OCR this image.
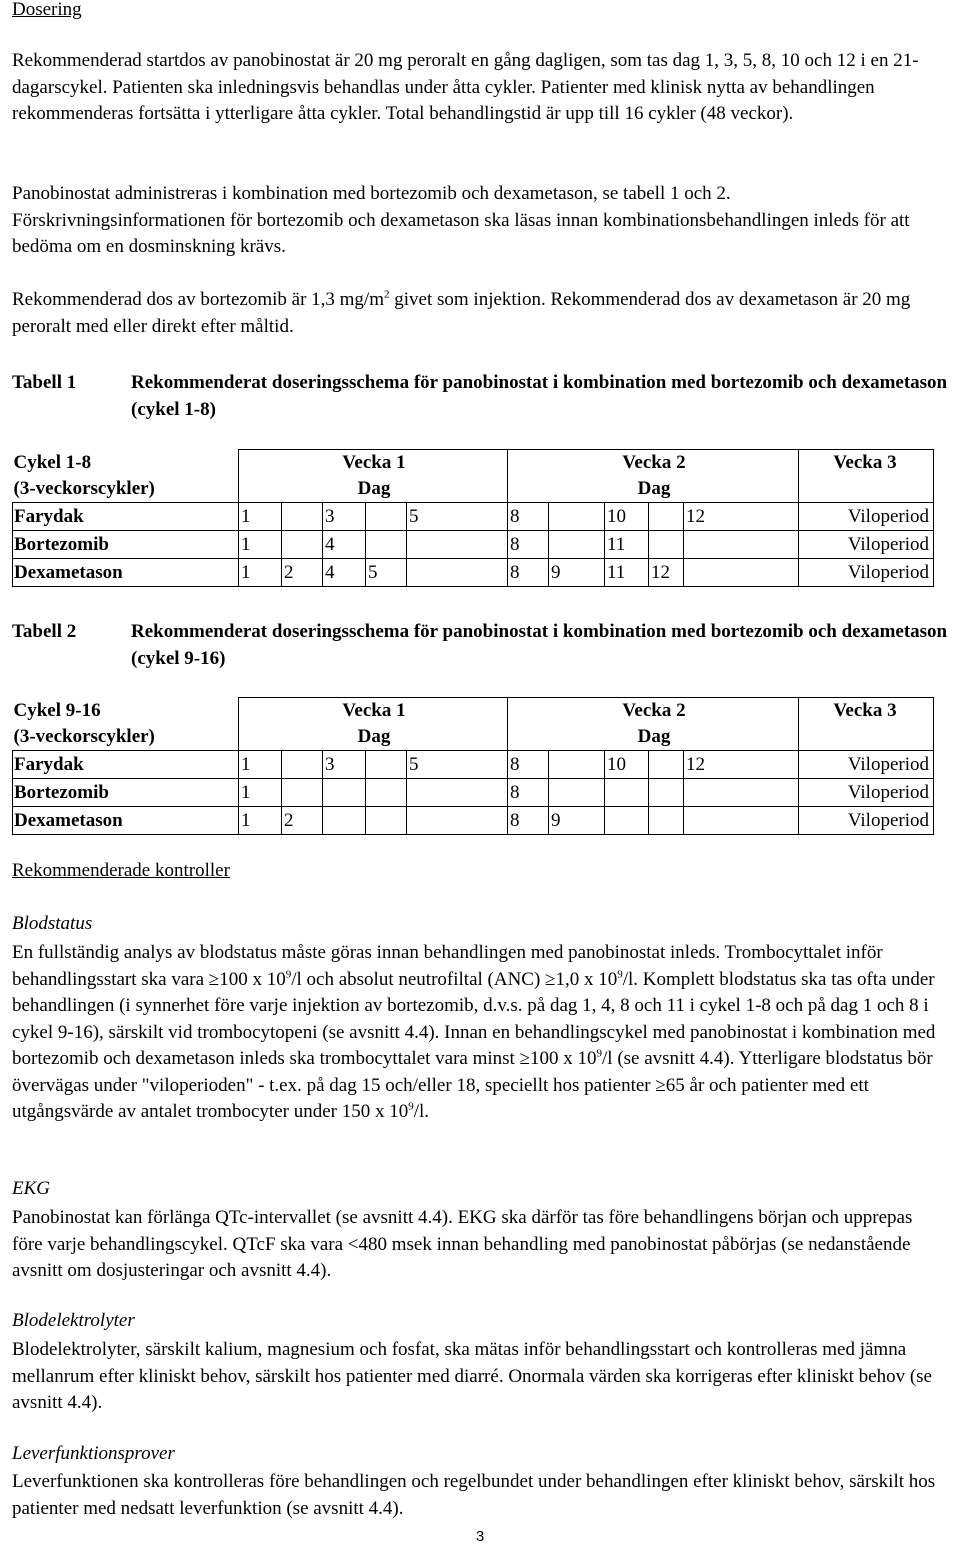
Dosering

Rekommenderad startdos av panobinostat är 20 mg peroralt en gång dagligen, som tas dag 1, 3, 5, 8, 10 och 12 i en 21-dagarscykel. Patienten ska inledningsvis behandlas under åtta cykler. Patienter med klinisk nytta av behandlingen rekommenderas fortsätta i ytterligare åtta cykler. Total behandlingstid är upp till 16 cykler (48 veckor).

Panobinostat administreras i kombination med bortezomib och dexametason, se tabell 1 och 2. Förskrivningsinformationen för bortezomib och dexametason ska läsas innan kombinationsbehandlingen inleds för att bedöma om en dosminskning krävs.

Rekommenderad dos av bortezomib är 1,3 $mg/m^2$ givet som injektion. Rekommenderad dos av dexametason är 20 mg peroralt med eller direkt efter måltid.

Tabell 1	Rekommenderat doseringsschema för panobinostat i kombination med bortezomib och dexametason (cykel 1-8)
Cykel 1-8	Vecka 1					Vecka 2					Vecka 3
(3-veckorscykler)	Dag					Dag					
Farydak	1		3		5	8		10		12	Viloperiod
Bortezomib	1		4			8		11			Viloperiod
Dexametason	1	2	4	5		8	9	11	12		Viloperiod
Tabell 2	Rekommenderat doseringsschema för panobinostat i kombination med bortezomib och dexametason (cykel 9-16)
Cykel 9-16	Vecka 1					Vecka 2					Vecka 3
(3-veckorscykler)	Dag					Dag					
Farydak	1		3		5	8		10		12	Viloperiod
Bortezomib	1					8					Viloperiod
Dexametason	1	2				8	9				Viloperiod
Rekommenderade kontroller

Blodstatus

En fullständig analys av blodstatus måste göras innan behandlingen med panobinostat inleds. Trombocyttalet inför behandlingsstart ska vara ≥100 x $10^9/l$ och absolut neutrofiltal (ANC) ≥1,0 x $10^9/l$. Komplett blodstatus ska tas ofta under behandlingen (i synnerhet före varje injektion av bortezomib, d.v.s. på dag 1, 4, 8 och 11 i cykel 1-8 och på dag 1 och 8 i cykel 9-16), särskilt vid trombocytopeni (se avsnitt 4.4). Innan en behandlingscykel med panobinostat i kombination med bortezomib och dexametason inleds ska trombocyttalet vara minst ≥100 x $10^9/l$ (se avsnitt 4.4). Ytterligare blodstatus bör övervägas under "viloperioden" - t.ex. på dag 15 och/eller 18, speciellt hos patienter ≥65 år och patienter med ett utgångsvärde av antalet trombocyter under 150 x $10^9/l$.

EKG

Panobinostat kan förlänga QTc-intervallet (se avsnitt 4.4). EKG ska därför tas före behandlingens början och upprepas före varje behandlingscykel. QTcF ska vara <480 msek innan behandling med panobinostat påbörjas (se nedanstående avsnitt om dosjusteringar och avsnitt 4.4).

Blodelektrolyter

Blodelektrolyter, särskilt kalium, magnesium och fosfat, ska mätas inför behandlingsstart och kontrolleras med jämna mellanrum efter kliniskt behov, särskilt hos patienter med diarré. Onormala värden ska korrigeras efter kliniskt behov (se avsnitt 4.4).

Leverfunktionsprover

Leverfunktionen ska kontrolleras före behandlingen och regelbundet under behandlingen efter kliniskt behov, särskilt hos patienter med nedsatt leverfunktion (se avsnitt 4.4).

3
